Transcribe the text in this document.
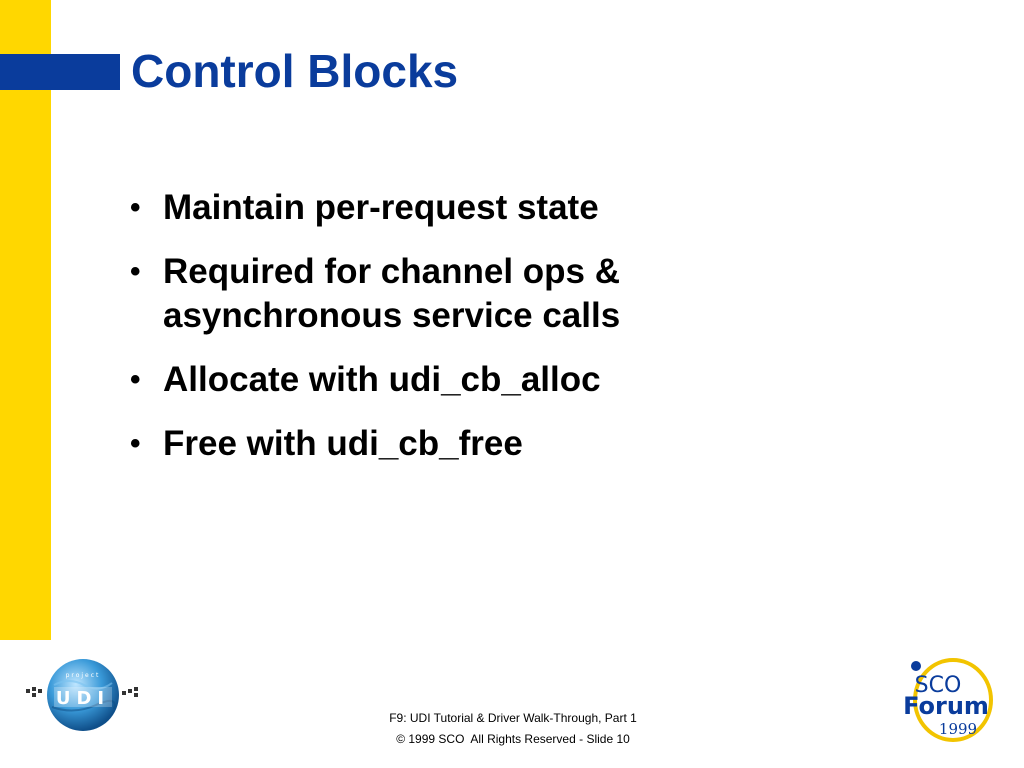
Control Blocks
• Maintain per-request state
• Required for channel ops & asynchronous service calls
• Allocate with udi_cb_alloc
• Free with udi_cb_free
project
UDI
F9: UDI Tutorial & Driver Walk-Through, Part 1
© 1999 SCO  All Rights Reserved - Slide 10
SCO
Forum
1999
